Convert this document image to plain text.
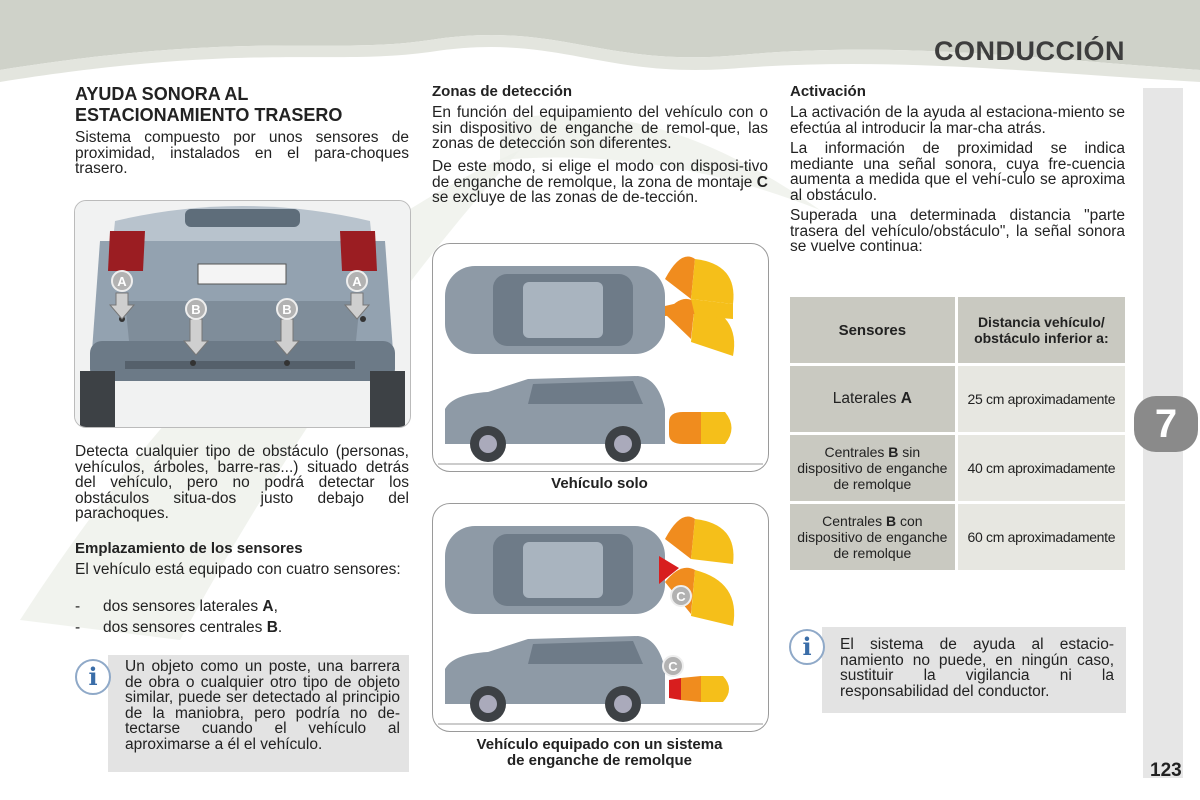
CONDUCCIÓN
7
123
AYUDA SONORA AL
ESTACIONAMIENTO TRASERO
Sistema compuesto por unos sensores de proximidad, instalados en el para-choques trasero.
A	A
B	B
Detecta cualquier tipo de obstáculo (personas, vehículos, árboles, barre-ras...) situado detrás del vehículo, pero no podrá detectar los obstáculos situa-dos justo debajo del parachoques.
Emplazamiento de los sensores
El vehículo está equipado con cuatro sensores:
- dos sensores laterales A,
- dos sensores centrales B.
i	Un objeto como un poste, una barrera de obra o cualquier otro tipo de objeto similar, puede ser detectado al principio de la maniobra, pero podría no de-tectarse cuando el vehículo al aproximarse a él el vehículo.
Zonas de detección
En función del equipamiento del vehículo con o sin dispositivo de enganche de remol-que, las zonas de detección son diferentes.
De este modo, si elige el modo con disposi-tivo de enganche de remolque, la zona de montaje C se excluye de las zonas de de-tección.
Vehículo solo
C
C
Vehículo equipado con un sistema
de enganche de remolque
Activación

La activación de la ayuda al estaciona-miento se efectúa al introducir la mar-cha atrás.

La información de proximidad se indica mediante una señal sonora, cuya fre-cuencia aumenta a medida que el vehí-culo se aproxima al obstáculo.

Superada una determinada distancia "parte trasera del vehículo/obstáculo", la señal sonora se vuelve continua:

Sensores	Distancia vehículo/ obstáculo inferior a:
Laterales A	25 cm aproximadamente
Centrales B sin dispositivo de enganche de remolque	40 cm aproximadamente
Centrales B con dispositivo de enganche de remolque	60 cm aproximadamente
i	El sistema de ayuda al estacio-namiento no puede, en ningún caso, sustituir la vigilancia ni la responsabilidad del conductor.
